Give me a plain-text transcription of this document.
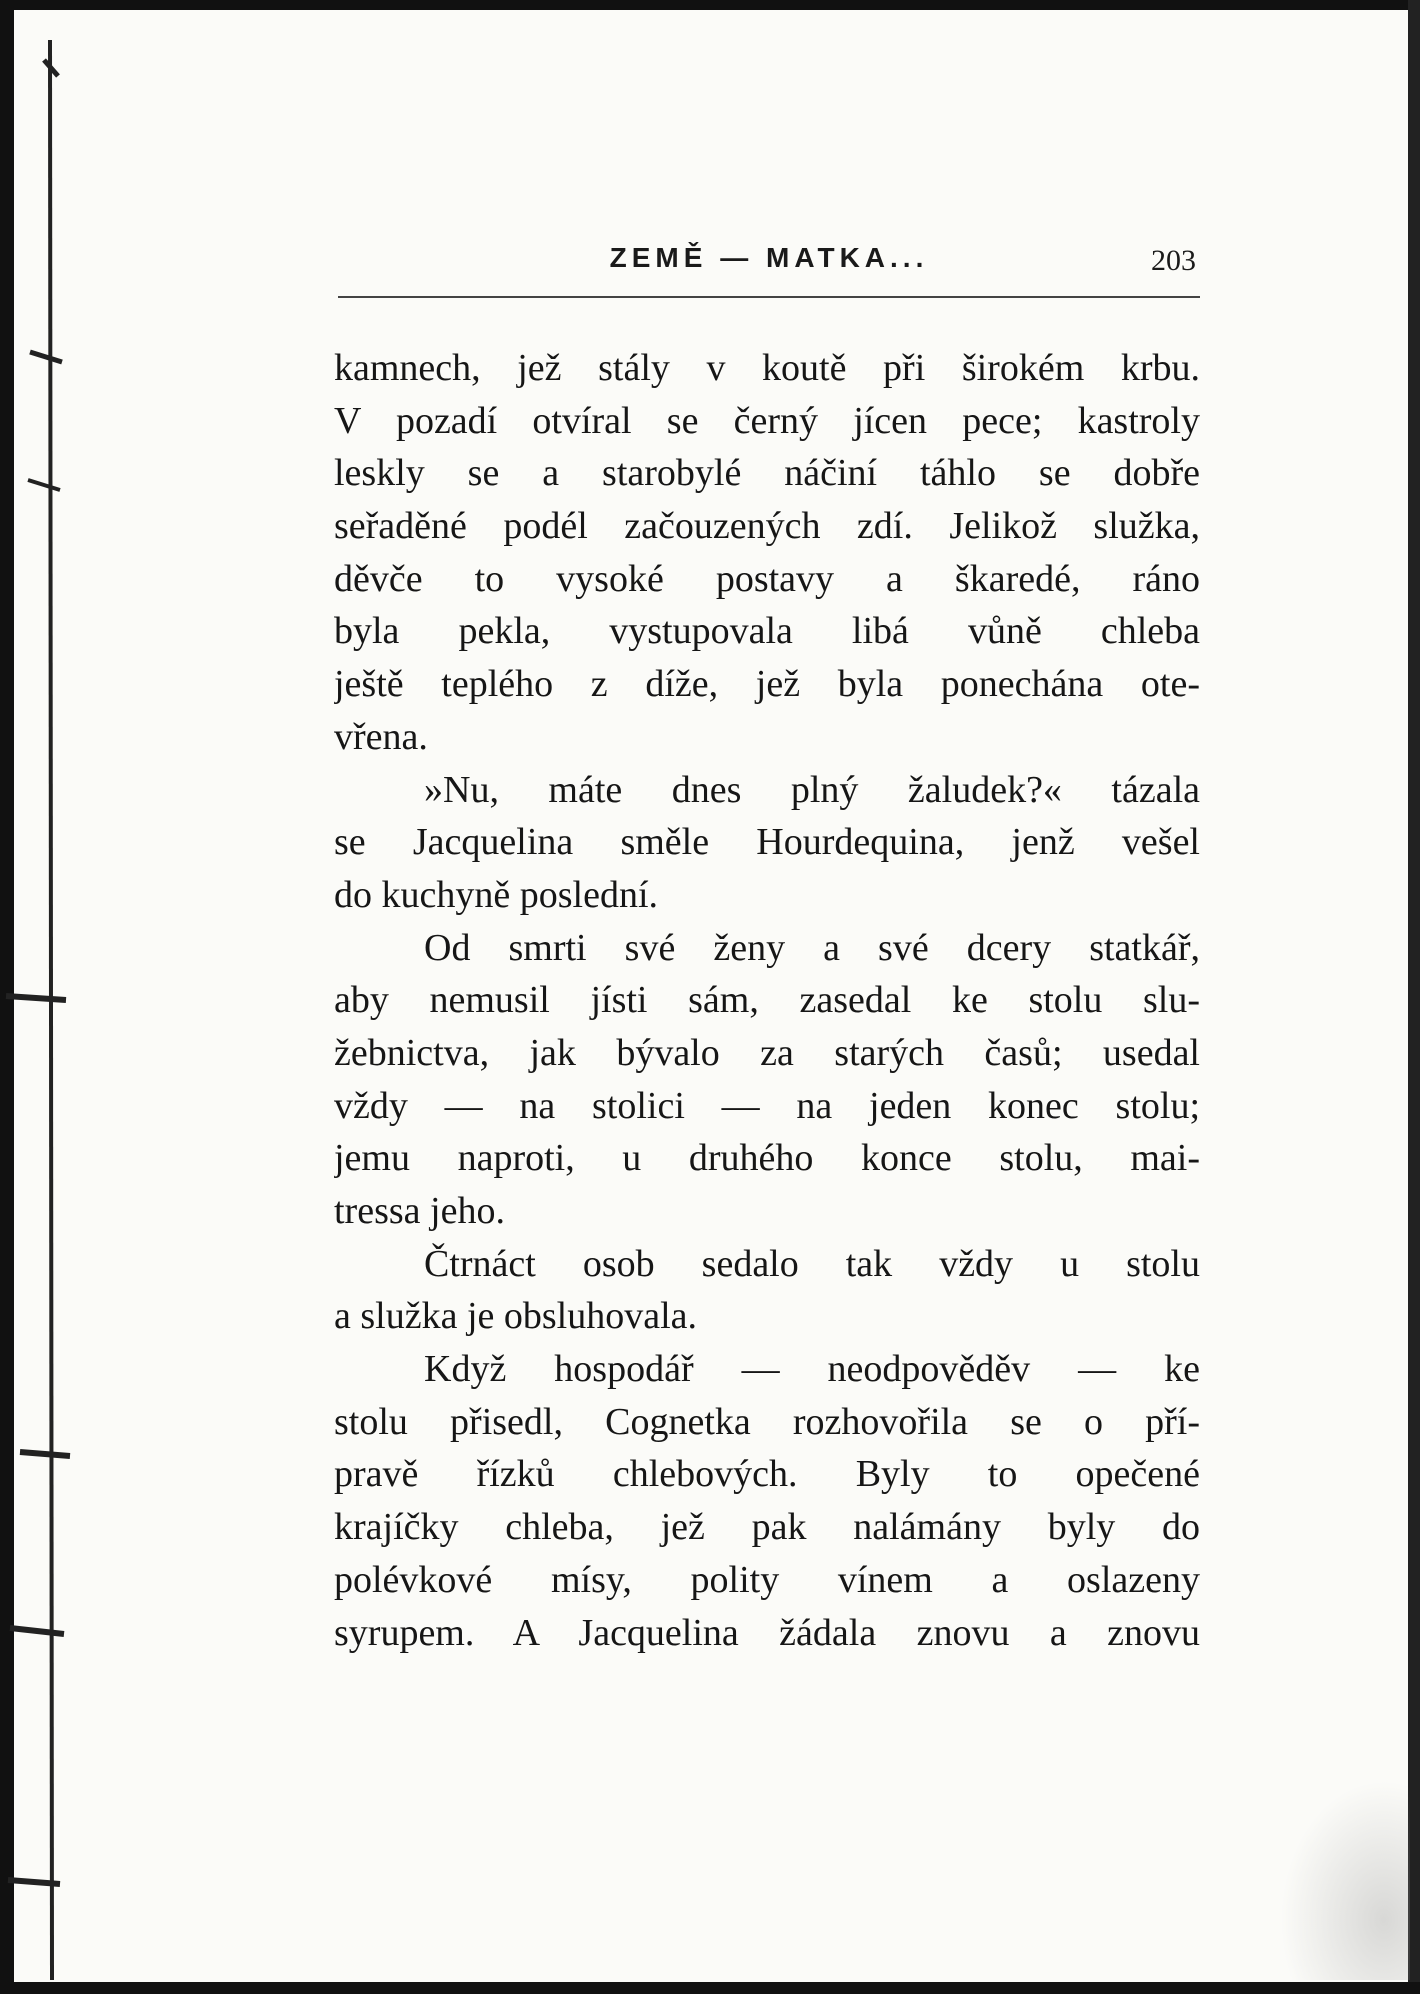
ZEMĚ — MATKA...	203
kamnech, jež stály v koutě při širokém krbu.
V pozadí otvíral se černý jícen pece; kastroly
leskly se a starobylé náčiní táhlo se dobře
seřaděné podél začouzených zdí. Jelikož služka,
děvče to vysoké postavy a škaredé, ráno
byla pekla, vystupovala libá vůně chleba
ještě teplého z díže, jež byla ponechána ote-
vřena.
»Nu, máte dnes plný žaludek?« tázala
se Jacquelina směle Hourdequina, jenž vešel
do kuchyně poslední.
Od smrti své ženy a své dcery statkář,
aby nemusil jísti sám, zasedal ke stolu slu-
žebnictva, jak bývalo za starých časů; usedal
vždy — na stolici — na jeden konec stolu;
jemu naproti, u druhého konce stolu, mai-
tressa jeho.
Čtrnáct osob sedalo tak vždy u stolu
a služka je obsluhovala.
Když hospodář — neodpověděv — ke
stolu přisedl, Cognetka rozhovořila se o pří-
pravě řízků chlebových. Byly to opečené
krajíčky chleba, jež pak nalámány byly do
polévkové mísy, polity vínem a oslazeny
syrupem. A Jacquelina žádala znovu a znovu
